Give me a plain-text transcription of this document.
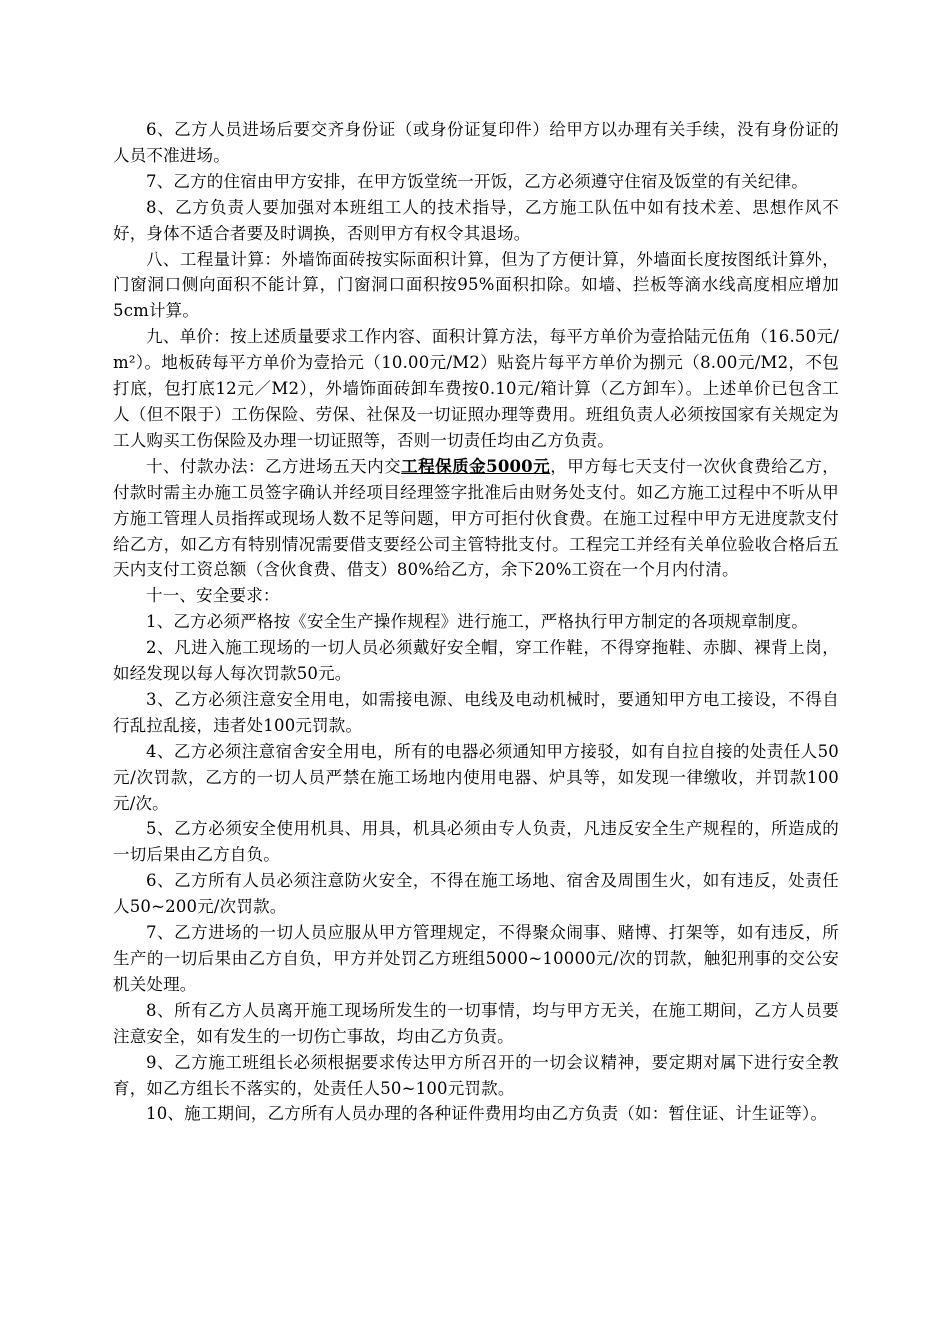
6、乙方人员进场后要交齐身份证（或身份证复印件）给甲方以办理有关手续，没有身份证的人员不准进场。

7、乙方的住宿由甲方安排，在甲方饭堂统一开饭，乙方必须遵守住宿及饭堂的有关纪律。

8、乙方负责人要加强对本班组工人的技术指导，乙方施工队伍中如有技术差、思想作风不好，身体不适合者要及时调换，否则甲方有权令其退场。

八、工程量计算：外墙饰面砖按实际面积计算，但为了方便计算，外墙面长度按图纸计算外，门窗洞口侧向面积不能计算，门窗洞口面积按95%面积扣除。如墙、拦板等滴水线高度相应增加5cm计算。

九、单价：按上述质量要求工作内容、面积计算方法，每平方单价为壹拾陆元伍角（16.50元/ m²）。地板砖每平方单价为壹拾元（10.00元/M2）贴瓷片每平方单价为捌元（8.00元/M2，不包打底，包打底12元／M2），外墙饰面砖卸车费按0.10元/箱计算（乙方卸车）。上述单价已包含工人（但不限于）工伤保险、劳保、社保及一切证照办理等费用。班组负责人必须按国家有关规定为工人购买工伤保险及办理一切证照等，否则一切责任均由乙方负责。

十、付款办法：乙方进场五天内交工程保质金5000元，甲方每七天支付一次伙食费给乙方，付款时需主办施工员签字确认并经项目经理签字批准后由财务处支付。如乙方施工过程中不听从甲方施工管理人员指挥或现场人数不足等问题，甲方可拒付伙食费。在施工过程中甲方无进度款支付给乙方，如乙方有特别情况需要借支要经公司主管特批支付。工程完工并经有关单位验收合格后五天内支付工资总额（含伙食费、借支）80%给乙方，余下20%工资在一个月内付清。

十一、安全要求：

1、乙方必须严格按《安全生产操作规程》进行施工，严格执行甲方制定的各项规章制度。

2、凡进入施工现场的一切人员必须戴好安全帽，穿工作鞋，不得穿拖鞋、赤脚、裸背上岗，如经发现以每人每次罚款50元。

3、乙方必须注意安全用电，如需接电源、电线及电动机械时，要通知甲方电工接设，不得自行乱拉乱接，违者处100元罚款。

4、乙方必须注意宿舍安全用电，所有的电器必须通知甲方接驳，如有自拉自接的处责任人50元/次罚款，乙方的一切人员严禁在施工场地内使用电器、炉具等，如发现一律缴收，并罚款100元/次。

5、乙方必须安全使用机具、用具，机具必须由专人负责，凡违反安全生产规程的，所造成的一切后果由乙方自负。

6、乙方所有人员必须注意防火安全，不得在施工场地、宿舍及周围生火，如有违反，处责任人50~200元/次罚款。

7、乙方进场的一切人员应服从甲方管理规定，不得聚众闹事、赌博、打架等，如有违反，所生产的一切后果由乙方自负，甲方并处罚乙方班组5000~10000元/次的罚款，触犯刑事的交公安机关处理。

8、所有乙方人员离开施工现场所发生的一切事情，均与甲方无关，在施工期间，乙方人员要注意安全，如有发生的一切伤亡事故，均由乙方负责。

9、乙方施工班组长必须根据要求传达甲方所召开的一切会议精神，要定期对属下进行安全教育，如乙方组长不落实的，处责任人50~100元罚款。

10、施工期间，乙方所有人员办理的各种证件费用均由乙方负责（如：暂住证、计生证等）。
